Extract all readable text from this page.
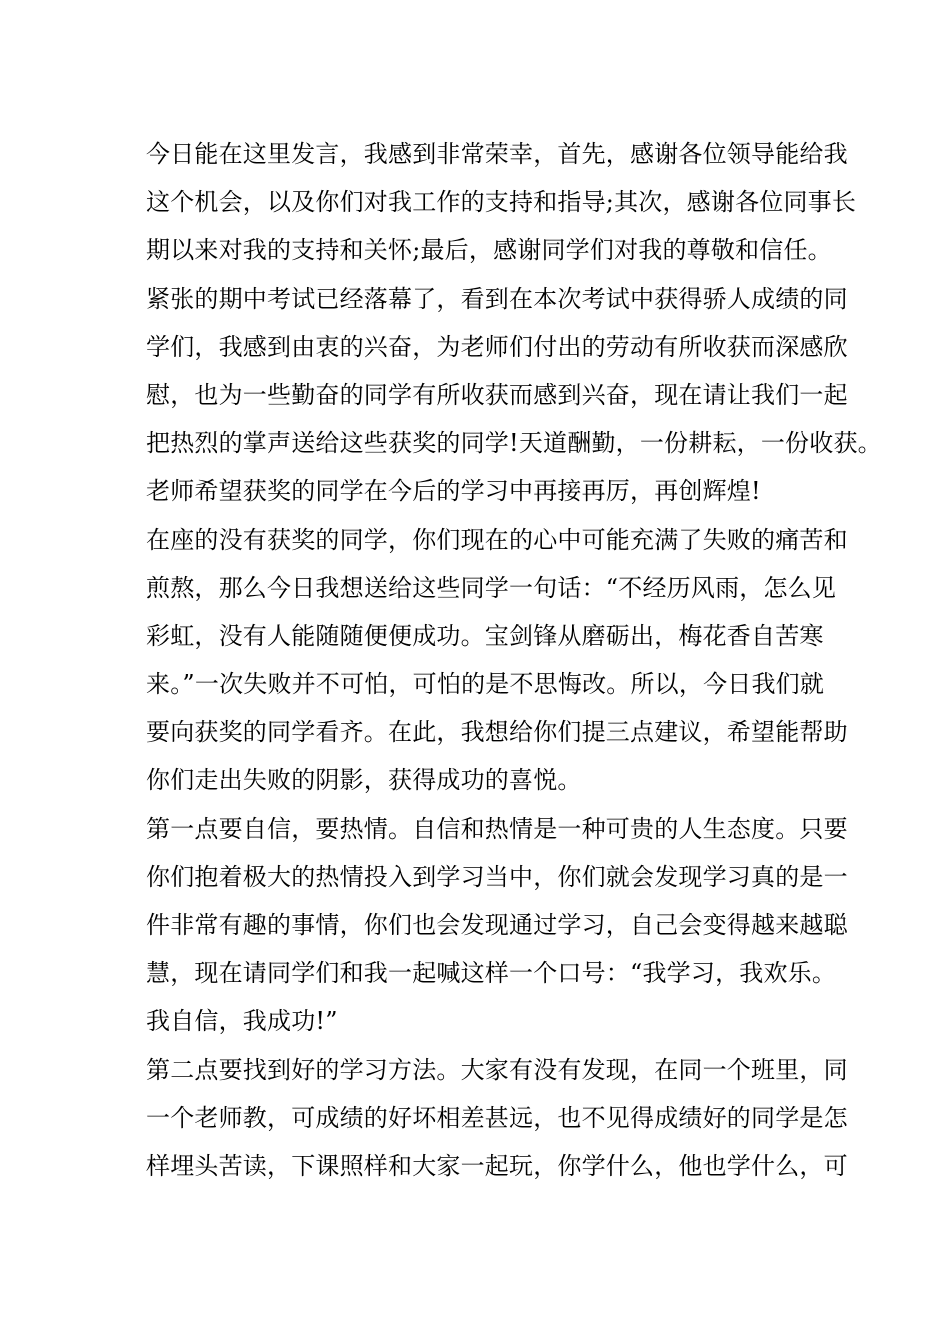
今日能在这里发言，我感到非常荣幸，首先，感谢各位领导能给我
这个机会，以及你们对我工作的支持和指导;其次，感谢各位同事长
期以来对我的支持和关怀;最后，感谢同学们对我的尊敬和信任。
紧张的期中考试已经落幕了，看到在本次考试中获得骄人成绩的同
学们，我感到由衷的兴奋，为老师们付出的劳动有所收获而深感欣
慰，也为一些勤奋的同学有所收获而感到兴奋，现在请让我们一起
把热烈的掌声送给这些获奖的同学!天道酬勤，一份耕耘，一份收获。
老师希望获奖的同学在今后的学习中再接再厉，再创辉煌!
在座的没有获奖的同学，你们现在的心中可能充满了失败的痛苦和
煎熬，那么今日我想送给这些同学一句话：“不经历风雨，怎么见
彩虹，没有人能随随便便成功。宝剑锋从磨砺出，梅花香自苦寒
来。”一次失败并不可怕，可怕的是不思悔改。所以，今日我们就
要向获奖的同学看齐。在此，我想给你们提三点建议，希望能帮助
你们走出失败的阴影，获得成功的喜悦。
第一点要自信，要热情。自信和热情是一种可贵的人生态度。只要
你们抱着极大的热情投入到学习当中，你们就会发现学习真的是一
件非常有趣的事情，你们也会发现通过学习，自己会变得越来越聪
慧，现在请同学们和我一起喊这样一个口号：“我学习，我欢乐。
我自信，我成功!”
第二点要找到好的学习方法。大家有没有发现，在同一个班里，同
一个老师教，可成绩的好坏相差甚远，也不见得成绩好的同学是怎
样埋头苦读，下课照样和大家一起玩，你学什么，他也学什么，可
